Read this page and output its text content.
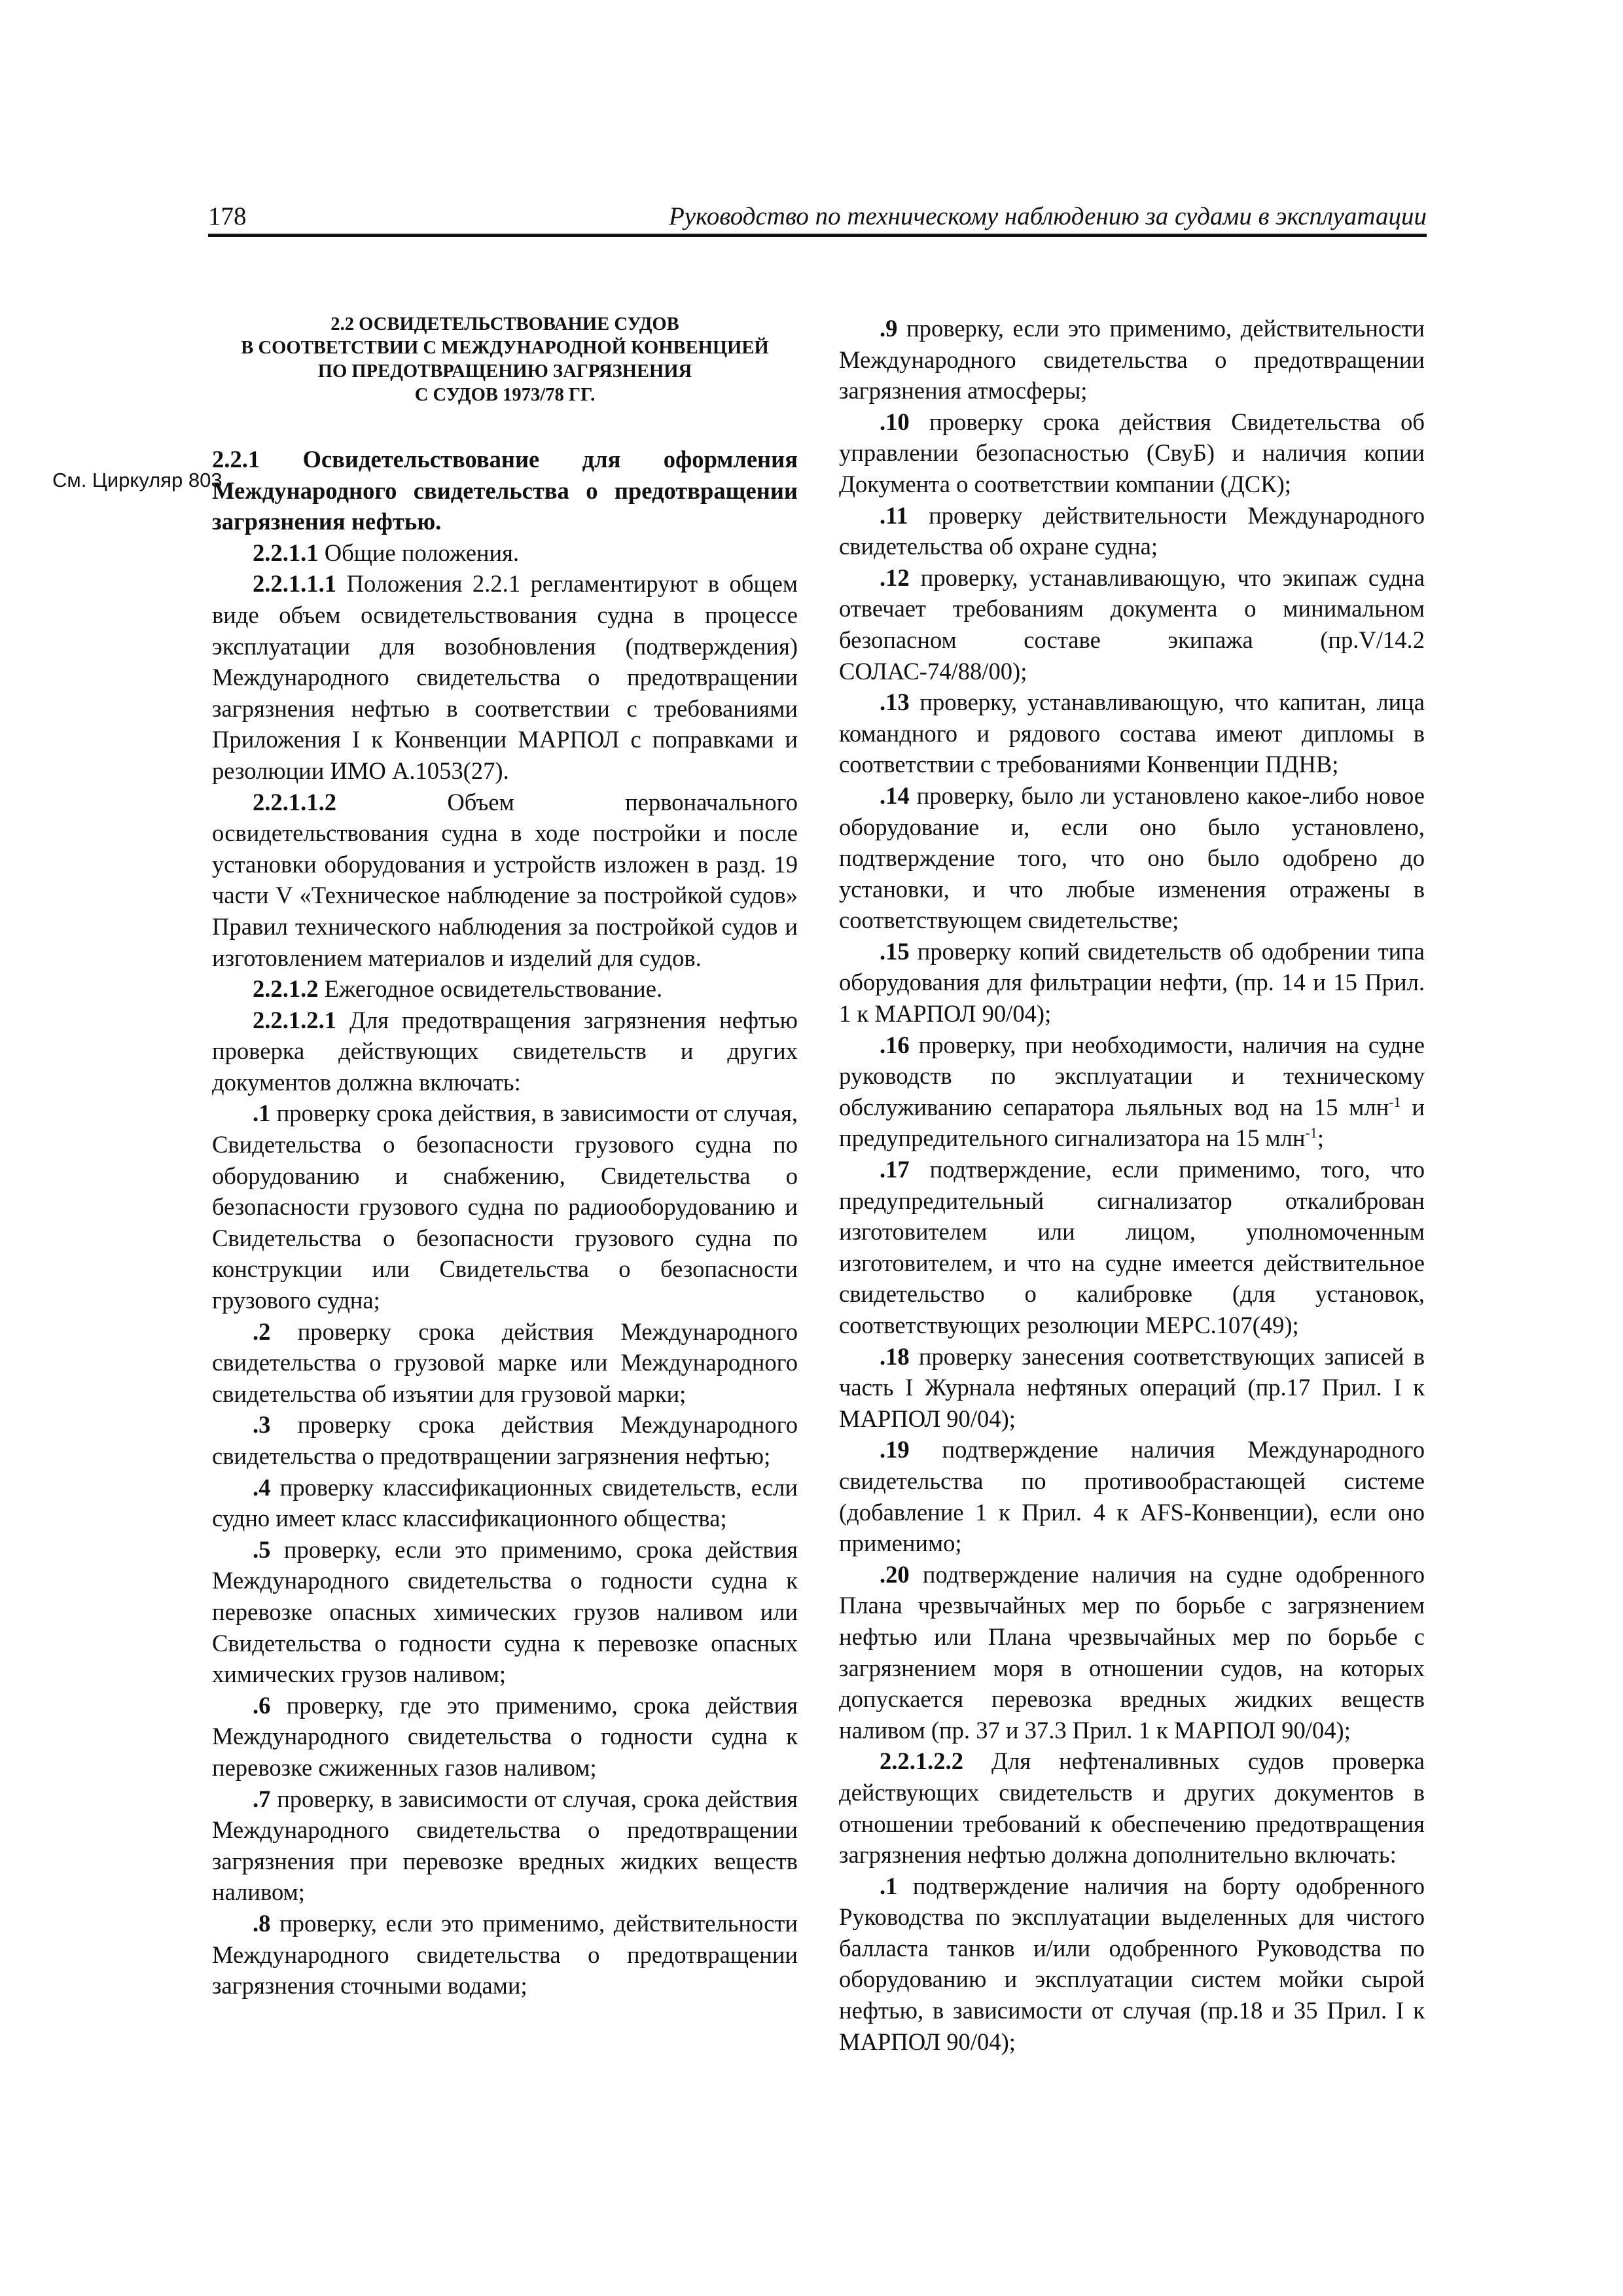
178	Руководство по техническому наблюдению за судами в эксплуатации
См. Циркуляр 803
2.2 ОСВИДЕТЕЛЬСТВОВАНИЕ СУДОВ
В СООТВЕТСТВИИ С МЕЖДУНАРОДНОЙ КОНВЕНЦИЕЙ
ПО ПРЕДОТВРАЩЕНИЮ ЗАГРЯЗНЕНИЯ
С СУДОВ 1973/78 ГГ.

2.2.1 Освидетельствование для оформления Международного свидетельства о предотвращении загрязнения нефтью.

2.2.1.1 Общие положения.

2.2.1.1.1 Положения 2.2.1 регламентируют в общем виде объем освидетельствования судна в процессе эксплуатации для возобновления (подтверждения) Международного свидетельства о предотвращении загрязнения нефтью в соответствии с требованиями Приложения I к Конвенции МАРПОЛ с поправками и резолюции ИМО А.1053(27).

2.2.1.1.2 Объем первоначального освидетельствования судна в ходе постройки и после установки оборудования и устройств изложен в разд. 19 части V «Техническое наблюдение за постройкой судов» Правил технического наблюдения за постройкой судов и изготовлением материалов и изделий для судов.

2.2.1.2 Ежегодное освидетельствование.

2.2.1.2.1 Для предотвращения загрязнения нефтью проверка действующих свидетельств и других документов должна включать:

.1 проверку срока действия, в зависимости от случая, Свидетельства о безопасности грузового судна по оборудованию и снабжению, Свидетельства о безопасности грузового судна по радиооборудованию и Свидетельства о безопасности грузового судна по конструкции или Свидетельства о безопасности грузового судна;

.2 проверку срока действия Международного свидетельства о грузовой марке или Международного свидетельства об изъятии для грузовой марки;

.3 проверку срока действия Международного свидетельства о предотвращении загрязнения нефтью;

.4 проверку классификационных свидетельств, если судно имеет класс классификационного общества;

.5 проверку, если это применимо, срока действия Международного свидетельства о годности судна к перевозке опасных химических грузов наливом или Свидетельства о годности судна к перевозке опасных химических грузов наливом;

.6 проверку, где это применимо, срока действия Международного свидетельства о годности судна к перевозке сжиженных газов наливом;

.7 проверку, в зависимости от случая, срока действия Международного свидетельства о предотвращении загрязнения при перевозке вредных жидких веществ наливом;

.8 проверку, если это применимо, действительности Международного свидетельства о предотвращении загрязнения сточными водами;

.9 проверку, если это применимо, действительности Международного свидетельства о предотвращении загрязнения атмосферы;

.10 проверку срока действия Свидетельства об управлении безопасностью (СвуБ) и наличия копии Документа о соответствии компании (ДСК);

.11 проверку действительности Международного свидетельства об охране судна;

.12 проверку, устанавливающую, что экипаж судна отвечает требованиям документа о минимальном безопасном составе экипажа (пр.V/14.2 СОЛАС-74/88/00);

.13 проверку, устанавливающую, что капитан, лица командного и рядового состава имеют дипломы в соответствии с требованиями Конвенции ПДНВ;

.14 проверку, было ли установлено какое-либо новое оборудование и, если оно было установлено, подтверждение того, что оно было одобрено до установки, и что любые изменения отражены в соответствующем свидетельстве;

.15 проверку копий свидетельств об одобрении типа оборудования для фильтрации нефти, (пр. 14 и 15 Прил. 1 к МАРПОЛ 90/04);

.16 проверку, при необходимости, наличия на судне руководств по эксплуатации и техническому обслуживанию сепаратора льяльных вод на 15 млн$^{-1}$ и предупредительного сигнализатора на 15 млн$^{-1}$;

.17 подтверждение, если применимо, того, что предупредительный сигнализатор откалиброван изготовителем или лицом, уполномоченным изготовителем, и что на судне имеется действительное свидетельство о калибровке (для установок, соответствующих резолюции МЕРС.107(49);

.18 проверку занесения соответствующих записей в часть I Журнала нефтяных операций (пр.17 Прил. I к МАРПОЛ 90/04);

.19 подтверждение наличия Международного свидетельства по противообрастающей системе (добавление 1 к Прил. 4 к AFS-Конвенции), если оно применимо;

.20 подтверждение наличия на судне одобренного Плана чрезвычайных мер по борьбе с загрязнением нефтью или Плана чрезвычайных мер по борьбе с загрязнением моря в отношении судов, на которых допускается перевозка вредных жидких веществ наливом (пр. 37 и 37.3 Прил. 1 к МАРПОЛ 90/04);

2.2.1.2.2 Для нефтеналивных судов проверка действующих свидетельств и других документов в отношении требований к обеспечению предотвращения загрязнения нефтью должна дополнительно включать:

.1 подтверждение наличия на борту одобренного Руководства по эксплуатации выделенных для чистого балласта танков и/или одобренного Руководства по оборудованию и эксплуатации систем мойки сырой нефтью, в зависимости от случая (пр.18 и 35 Прил. I к МАРПОЛ 90/04);
